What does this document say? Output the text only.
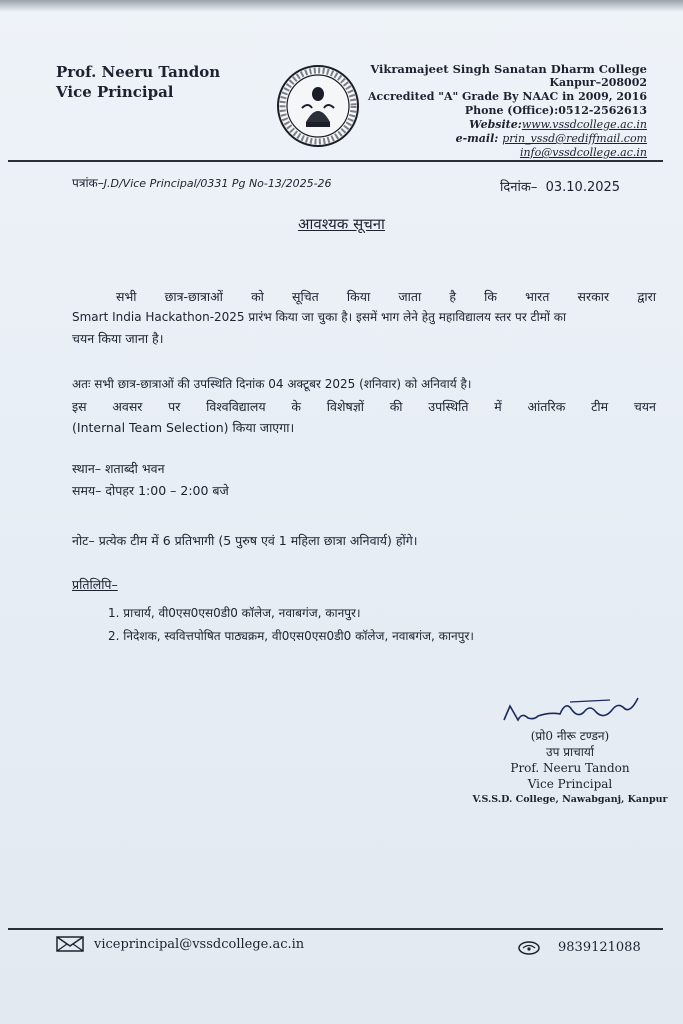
Prof. Neeru Tandon
Vice Principal
Vikramajeet Singh Sanatan Dharm College
Kanpur–208002
Accredited "A" Grade By NAAC in 2009, 2016
Phone (Office):0512-2562613
Website:www.vssdcollege.ac.in
e-mail: prin_vssd@rediffmail.com
info@vssdcollege.ac.in
पत्रांक–J.D/Vice Principal/0331 Pg No-13/2025-26	दिनांक– 03.10.2025
आवश्यक सूचना
सभी छात्र-छात्राओं को सूचित किया जाता है कि भारत सरकार द्वारा
Smart India Hackathon-2025 प्रारंभ किया जा चुका है। इसमें भाग लेने हेतु महाविद्यालय स्तर पर टीमों का
चयन किया जाना है।
अतः सभी छात्र-छात्राओं की उपस्थिति दिनांक 04 अक्टूबर 2025 (शनिवार) को अनिवार्य है।
इस अवसर पर विश्वविद्यालय के विशेषज्ञों की उपस्थिति में आंतरिक टीम चयन
(Internal Team Selection) किया जाएगा।
स्थान– शताब्दी भवन
समय– दोपहर 1:00 – 2:00 बजे
नोट– प्रत्येक टीम में 6 प्रतिभागी (5 पुरुष एवं 1 महिला छात्रा अनिवार्य) होंगे।
प्रतिलिपि–
1. प्राचार्य, वी0एस0एस0डी0 कॉलेज, नवाबगंज, कानपुर।
2. निदेशक, स्ववित्तपोषित पाठ्यक्रम, वी0एस0एस0डी0 कॉलेज, नवाबगंज, कानपुर।
(प्रो0 नीरू टण्डन)
उप प्राचार्या
Prof. Neeru Tandon
Vice Principal
V.S.S.D. College, Nawabganj, Kanpur
viceprincipal@vssdcollege.ac.in	9839121088
